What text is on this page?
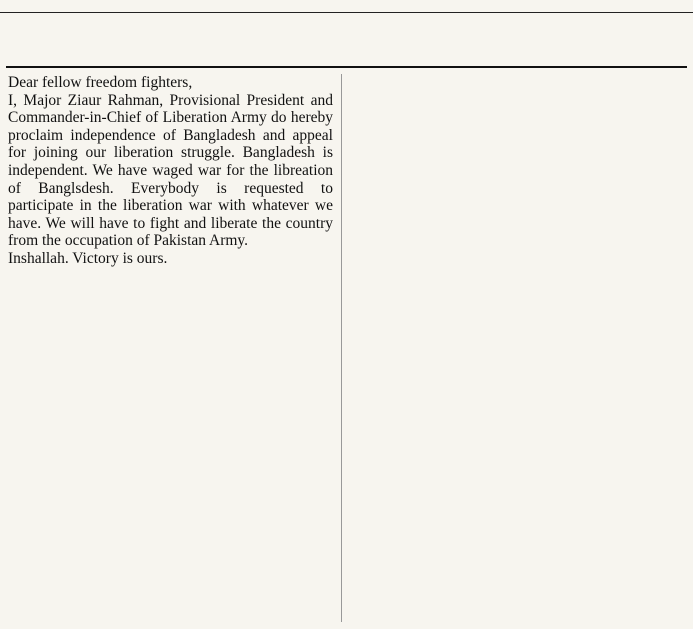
Dear fellow freedom fighters,

I, Major Ziaur Rahman, Provisional President and Commander-in-Chief of Liberation Army do hereby proclaim independence of Bangladesh and appeal for joining our liberation struggle. Bangladesh is independent. We have waged war for the libreation of Banglsdesh. Everybody is requested to participate in the liberation war with whatever we have. We will have to fight and liberate the country from the occupation of Pakistan Army.

Inshallah. Victory is ours.
